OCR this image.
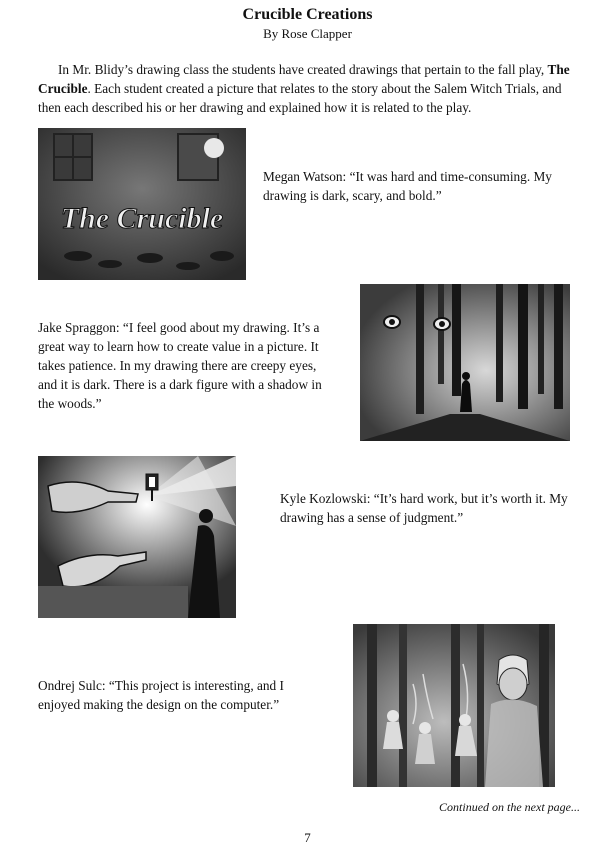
Crucible Creations
By Rose Clapper

In Mr. Blidy’s drawing class the students have created drawings that pertain to the fall play, The Crucible. Each student created a picture that relates to the story about the Salem Witch Trials, and then each described his or her drawing and explained how it is related to the play.

The Crucible

Megan Watson: “It was hard and time-consuming. My drawing is dark, scary, and bold.”

Jake Spraggon: “I feel good about my drawing. It’s a great way to learn how to create value in a picture. It takes patience. In my drawing there are creepy eyes, and it is dark. There is a dark figure with a shadow in the woods.”

Kyle Kozlowski: “It’s hard work, but it’s worth it. My drawing has a sense of judgment.”

Ondrej Sulc: “This project is interesting, and I enjoyed making the design on the computer.”

Continued on the next page...
7
